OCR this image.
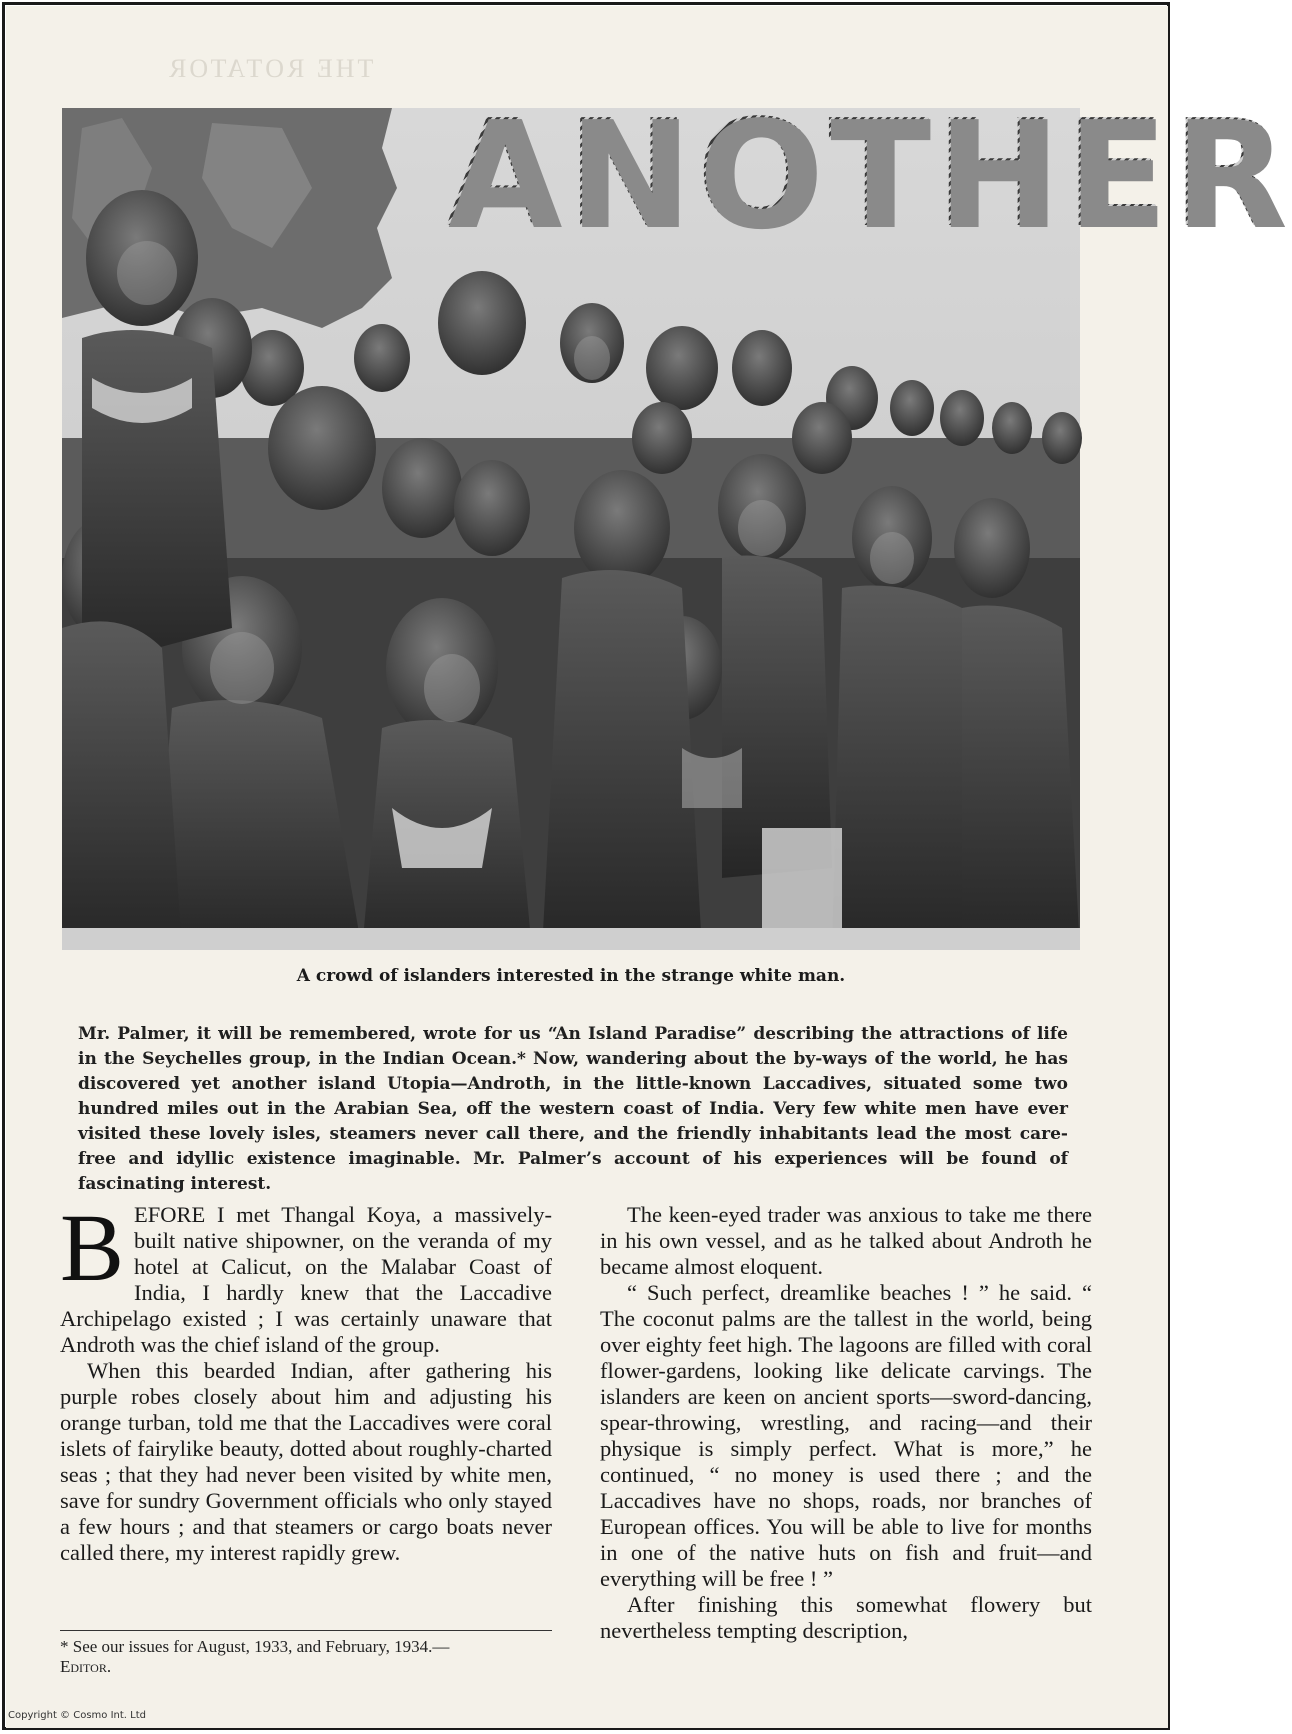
THE ROTATOR
ANOTHER
A crowd of islanders interested in the strange white man.
Mr. Palmer, it will be remembered, wrote for us “An Island Paradise” describing the attractions of life in the Seychelles group, in the Indian Ocean.* Now, wandering about the by-ways of the world, he has discovered yet another island Utopia—Androth, in the little-known Laccadives, situated some two hundred miles out in the Arabian Sea, off the western coast of India. Very few white men have ever visited these lovely isles, steamers never call there, and the friendly inhabitants lead the most care-free and idyllic existence imaginable. Mr. Palmer’s account of his experiences will be found of fascinating interest.

BEFORE I met Thangal Koya, a massively-built native shipowner, on the veranda of my hotel at Calicut, on the Malabar Coast of India, I hardly knew that the Laccadive Archipelago existed ; I was certainly unaware that Androth was the chief island of the group.

When this bearded Indian, after gathering his purple robes closely about him and adjusting his orange turban, told me that the Laccadives were coral islets of fairylike beauty, dotted about roughly-charted seas ; that they had never been visited by white men, save for sundry Government officials who only stayed a few hours ; and that steamers or cargo boats never called there, my interest rapidly grew.

The keen-eyed trader was anxious to take me there in his own vessel, and as he talked about Androth he became almost eloquent.

“ Such perfect, dreamlike beaches ! ” he said. “ The coconut palms are the tallest in the world, being over eighty feet high. The lagoons are filled with coral flower-gardens, looking like delicate carvings. The islanders are keen on ancient sports—sword-dancing, spear-throwing, wrestling, and racing—and their physique is simply perfect. What is more,” he continued, “ no money is used there ; and the Laccadives have no shops, roads, nor branches of European offices. You will be able to live for months in one of the native huts on fish and fruit—and everything will be free ! ”

After finishing this somewhat flowery but nevertheless tempting description,

* See our issues for August, 1933, and February, 1934.—
Editor.
Copyright © Cosmo Int. Ltd
